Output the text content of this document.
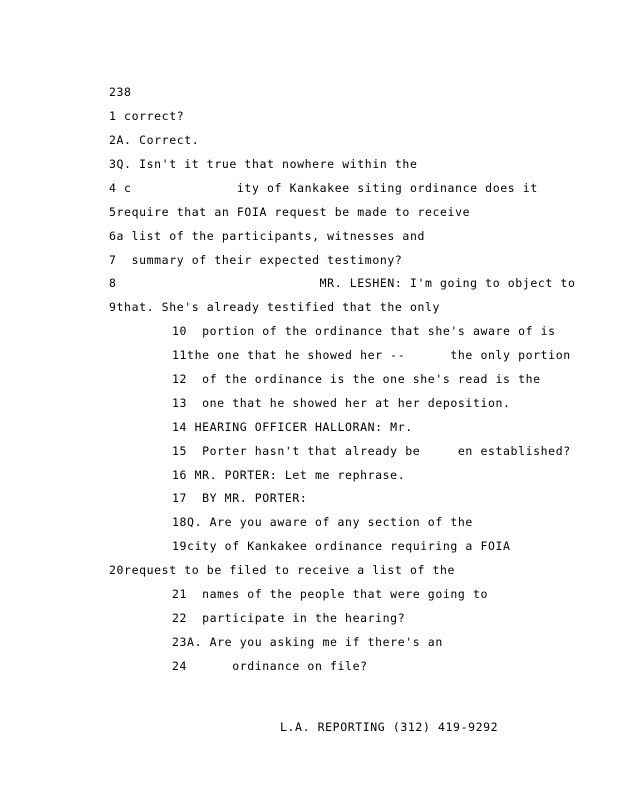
238
1 correct?
2A. Correct.
3Q. Isn't it true that nowhere within the
4 c              ity of Kankakee siting ordinance does it
5require that an FOIA request be made to receive
6a list of the participants, witnesses and
7  summary of their expected testimony?
8                           MR. LESHEN: I'm going to object to
9that. She's already testified that the only
10  portion of the ordinance that she's aware of is
11the one that he showed her --      the only portion
12  of the ordinance is the one she's read is the
13  one that he showed her at her deposition.
14 HEARING OFFICER HALLORAN: Mr.
15  Porter hasn't that already be     en established?
16 MR. PORTER: Let me rephrase.
17  BY MR. PORTER:
18Q. Are you aware of any section of the
19city of Kankakee ordinance requiring a FOIA
20request to be filed to receive a list of the
21  names of the people that were going to
22  participate in the hearing?
23A. Are you asking me if there's an
24      ordinance on file?
L.A. REPORTING (312) 419-9292
